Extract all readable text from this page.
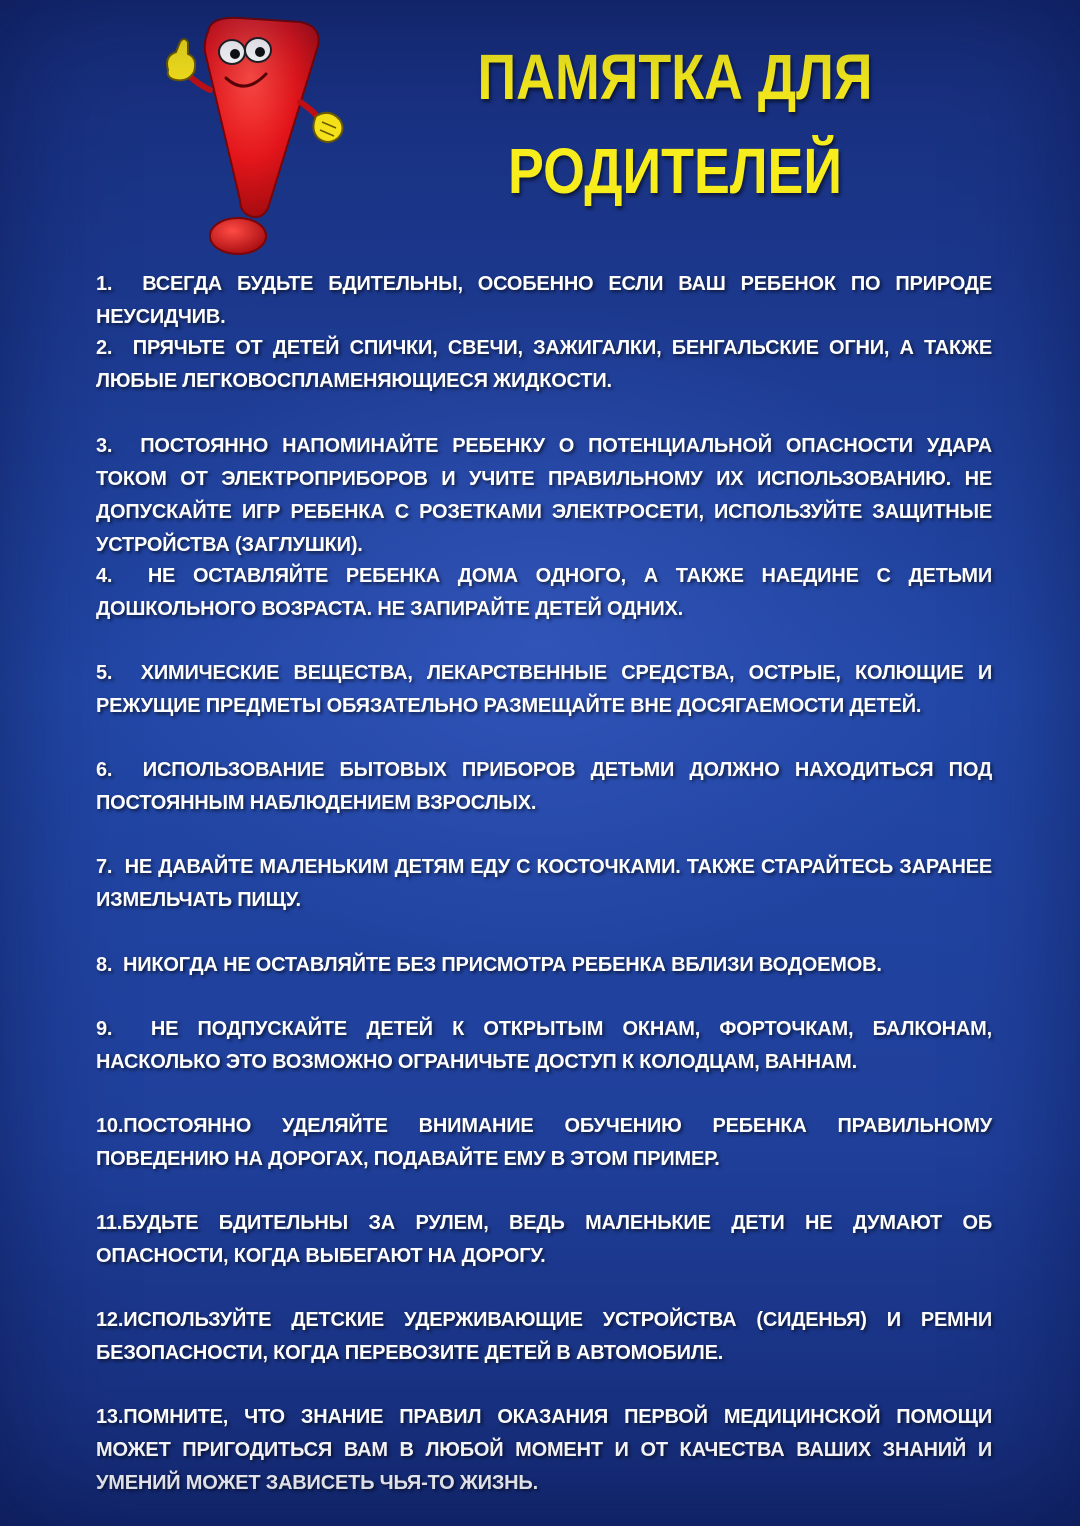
ПАМЯТКА ДЛЯ
РОДИТЕЛЕЙ
1. ВСЕГДА БУДЬТЕ БДИТЕЛЬНЫ, ОСОБЕННО ЕСЛИ ВАШ РЕБЕНОК ПО ПРИРОДЕ НЕУСИДЧИВ.
2. ПРЯЧЬТЕ ОТ ДЕТЕЙ СПИЧКИ, СВЕЧИ, ЗАЖИГАЛКИ, БЕНГАЛЬСКИЕ ОГНИ, А ТАКЖЕ ЛЮБЫЕ ЛЕГКОВОСПЛАМЕНЯЮЩИЕСЯ ЖИДКОСТИ.
3. ПОСТОЯННО НАПОМИНАЙТЕ РЕБЕНКУ О ПОТЕНЦИАЛЬНОЙ ОПАСНОСТИ УДАРА ТОКОМ ОТ ЭЛЕКТРОПРИБОРОВ И УЧИТЕ ПРАВИЛЬНОМУ ИХ ИСПОЛЬЗОВАНИЮ. НЕ ДОПУСКАЙТЕ ИГР РЕБЕНКА С РОЗЕТКАМИ ЭЛЕКТРОСЕТИ, ИСПОЛЬЗУЙТЕ ЗАЩИТНЫЕ УСТРОЙСТВА (ЗАГЛУШКИ).
4. НЕ ОСТАВЛЯЙТЕ РЕБЕНКА ДОМА ОДНОГО, А ТАКЖЕ НАЕДИНЕ С ДЕТЬМИ ДОШКОЛЬНОГО ВОЗРАСТА. НЕ ЗАПИРАЙТЕ ДЕТЕЙ ОДНИХ.
5. ХИМИЧЕСКИЕ ВЕЩЕСТВА, ЛЕКАРСТВЕННЫЕ СРЕДСТВА, ОСТРЫЕ, КОЛЮЩИЕ И РЕЖУЩИЕ ПРЕДМЕТЫ ОБЯЗАТЕЛЬНО РАЗМЕЩАЙТЕ ВНЕ ДОСЯГАЕМОСТИ ДЕТЕЙ.
6. ИСПОЛЬЗОВАНИЕ БЫТОВЫХ ПРИБОРОВ ДЕТЬМИ ДОЛЖНО НАХОДИТЬСЯ ПОД ПОСТОЯННЫМ НАБЛЮДЕНИЕМ ВЗРОСЛЫХ.
7. НЕ ДАВАЙТЕ МАЛЕНЬКИМ ДЕТЯМ ЕДУ С КОСТОЧКАМИ. ТАКЖЕ СТАРАЙТЕСЬ ЗАРАНЕЕ ИЗМЕЛЬЧАТЬ ПИЩУ.
8. НИКОГДА НЕ ОСТАВЛЯЙТЕ БЕЗ ПРИСМОТРА РЕБЕНКА ВБЛИЗИ ВОДОЕМОВ.
9. НЕ ПОДПУСКАЙТЕ ДЕТЕЙ К ОТКРЫТЫМ ОКНАМ, ФОРТОЧКАМ, БАЛКОНАМ, НАСКОЛЬКО ЭТО ВОЗМОЖНО ОГРАНИЧЬТЕ ДОСТУП К КОЛОДЦАМ, ВАННАМ.
10.ПОСТОЯННО УДЕЛЯЙТЕ ВНИМАНИЕ ОБУЧЕНИЮ РЕБЕНКА ПРАВИЛЬНОМУ ПОВЕДЕНИЮ НА ДОРОГАХ, ПОДАВАЙТЕ ЕМУ В ЭТОМ ПРИМЕР.
11.БУДЬТЕ БДИТЕЛЬНЫ ЗА РУЛЕМ, ВЕДЬ МАЛЕНЬКИЕ ДЕТИ НЕ ДУМАЮТ ОБ ОПАСНОСТИ, КОГДА ВЫБЕГАЮТ НА ДОРОГУ.
12.ИСПОЛЬЗУЙТЕ ДЕТСКИЕ УДЕРЖИВАЮЩИЕ УСТРОЙСТВА (СИДЕНЬЯ) И РЕМНИ БЕЗОПАСНОСТИ, КОГДА ПЕРЕВОЗИТЕ ДЕТЕЙ В АВТОМОБИЛЕ.
13.ПОМНИТЕ, ЧТО ЗНАНИЕ ПРАВИЛ ОКАЗАНИЯ ПЕРВОЙ МЕДИЦИНСКОЙ ПОМОЩИ МОЖЕТ ПРИГОДИТЬСЯ ВАМ В ЛЮБОЙ МОМЕНТ И ОТ КАЧЕСТВА ВАШИХ ЗНАНИЙ И УМЕНИЙ МОЖЕТ ЗАВИСЕТЬ ЧЬЯ-ТО ЖИЗНЬ.
